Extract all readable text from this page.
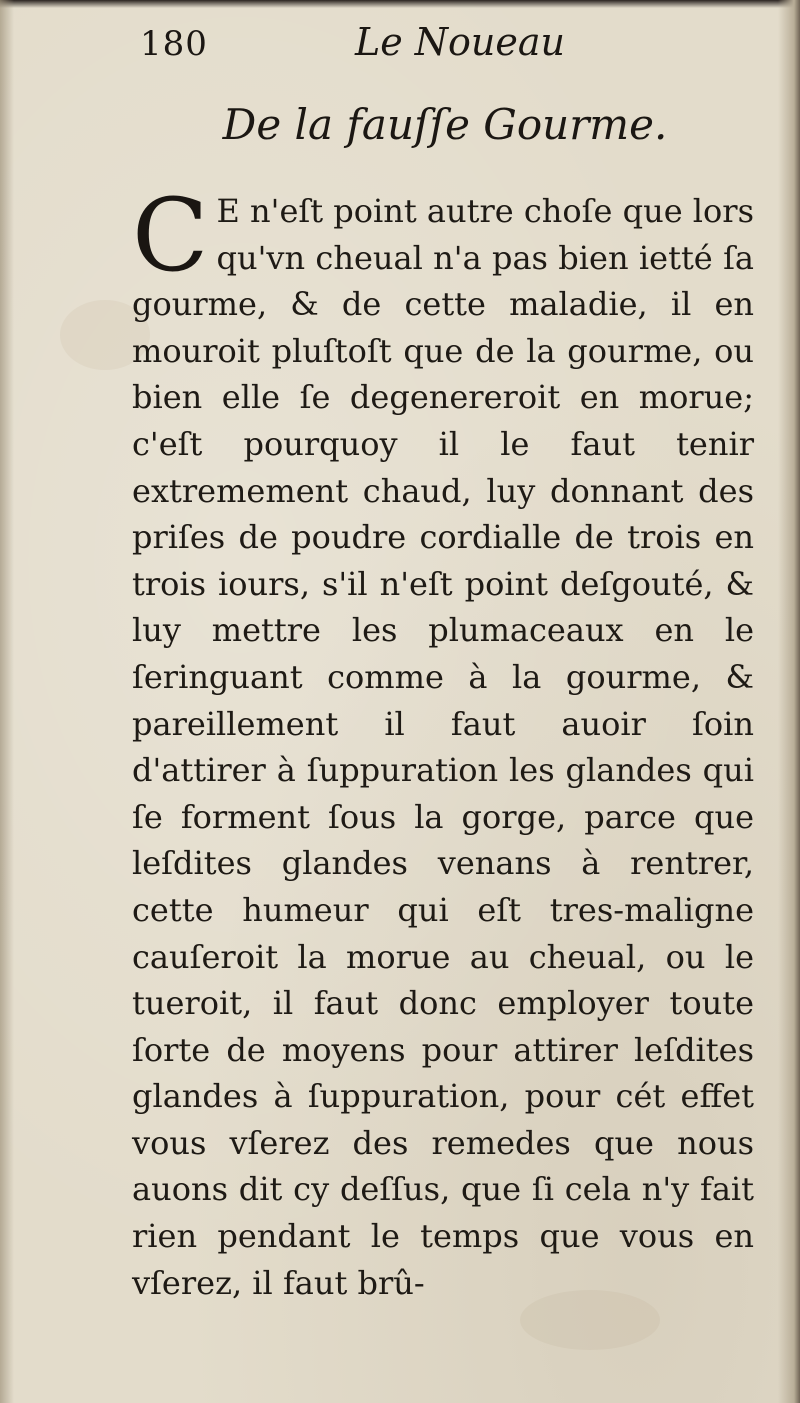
180	Le Noueau
De la fauſſe Gourme.
C E n'eſt point autre choſe que lors qu'vn cheual n'a pas bien ietté ſa gourme, & de cette maladie, il en mouroit pluſtoſt que de la gourme, ou bien elle ſe degenereroit en morue; c'eſt pourquoy il le faut tenir extremement chaud, luy donnant des priſes de poudre cordialle de trois en trois iours, s'il n'eſt point deſgouté, & luy mettre les plumaceaux en le ſeringuant comme à la gourme, & pareillement il faut auoir ſoin d'attirer à ſuppuration les glandes qui ſe forment ſous la gorge, parce que leſdites glandes venans à rentrer, cette humeur qui eſt tres-maligne cauſeroit la morue au cheual, ou le tueroit, il faut donc employer toute ſorte de moyens pour attirer leſdites glandes à ſuppuration, pour cét effet vous vſerez des remedes que nous auons dit cy deſſus, que ſi cela n'y fait rien pendant le temps que vous en vſerez, il faut brû-
